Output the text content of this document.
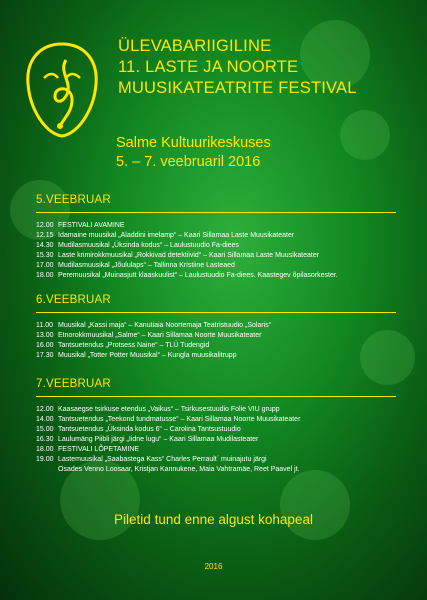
ÜLEVABARIIGILINE
11. LASTE JA NOORTE
MUUSIKATEATRITE FESTIVAL
Salme Kultuurikeskuses
5. – 7. veebruaril 2016
5.VEEBRUAR
12.00 FESTIVALI AVAMINE
12.15 Idamaine muusikal „Aladdini imelamp“ – Kaari Sillamaa Laste Muusikateater
14.30 Mudilasmuusikal „Üksinda kodus“ – Laulustuudio Fa-diees
15.30 Laste krimirokkmuusikal „Rokkivad detektiivid“ – Kaari Sillamaa Laste Muusikateater
17.00 Mudilasmuusikal „Jõululaps“ – Tallinna Kristiine Lasteaed
18.00 Peremuusikal „Muinasjutt klaaskuulist“ – Laulustuudio Fa-diees. Kaastegev õpilasorkester.
6.VEEBRUAR
11.00 Muusikal „Kassi maja“ – Kanutiaia Noortemaja Teatristuudio „Solaris“
13.00 Etnorokkmuusikal „Salme“ – Kaari Sillamaa Noorte Muusikateater
16.00 Tantsuetendus „Protsess Naine“ – TLÜ Tudengid
17.30 Muusikal „Totter Potter Muusikal“ – Kungla muusikalitrupp
7.VEEBRUAR
12.00 Kaasaegse tsirkuse etendus „Vaikus“ – Tsirkusestuudio Folie VIU grupp
14.00 Tantsuetendus „Teekond tundmatusse“ – Kaari Sillamaa Noorte Muusikateater
15.00 Tantsuetendus „Üksinda kodus 6“ – Carolina Tantsustuudio
16.30 Laulumäng Piibli järgi „Iidne lugu“ – Kaari Sillamaa Mudilasteater
18.00 FESTIVALI LÕPETAMINE
19.00 Lastemuusikal „Saabastega Kass“ Charles Perrault´ muinajutu järgi
Osades Venno Loosaar, Kristjan Kannukene, Maia Vahtramäe, Reet Paavel jt.
Piletid tund enne algust kohapeal
2016
